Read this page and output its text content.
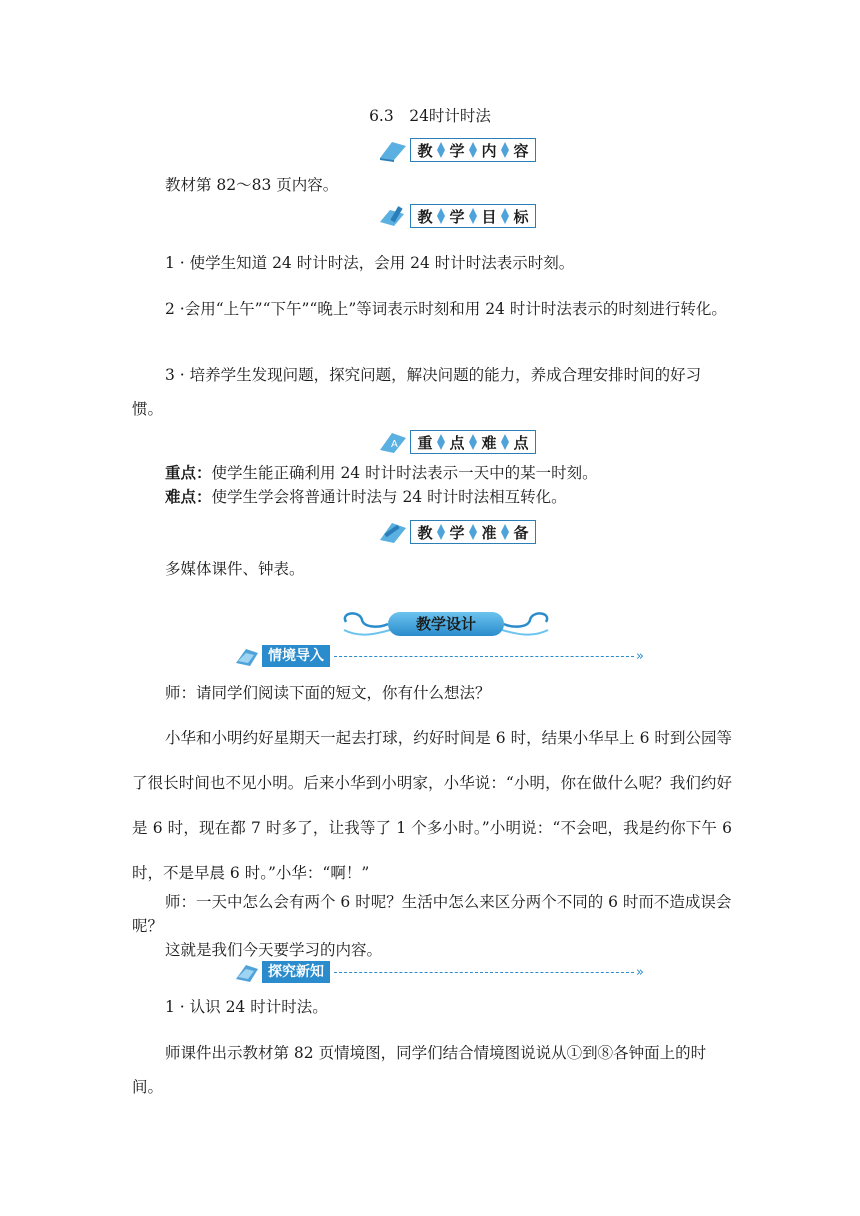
6.3　24时计时法
教 学 内 容
教材第 82～83 页内容。
教 学 目 标
1 · 使学生知道 24 时计时法，会用 24 时计时法表示时刻。
2 ·会用“上午”“下午”“晚上”等词表示时刻和用 24 时计时法表示的时刻进行转化。
3 · 培养学生发现问题，探究问题，解决问题的能力，养成合理安排时间的好习惯。
A 重 点 难 点
重点：使学生能正确利用 24 时计时法表示一天中的某一时刻。
难点：使学生学会将普通计时法与 24 时计时法相互转化。
教 学 准 备
多媒体课件、钟表。
教学设计
情境导入	»
师：请同学们阅读下面的短文，你有什么想法？
小华和小明约好星期天一起去打球，约好时间是 6 时，结果小华早上 6 时到公园等了很长时间也不见小明。后来小华到小明家，小华说：“小明，你在做什么呢？我们约好是 6 时，现在都 7 时多了，让我等了 1 个多小时。”小明说：“不会吧，我是约你下午 6 时，不是早晨 6 时。”小华：“啊！”
师：一天中怎么会有两个 6 时呢？生活中怎么来区分两个不同的 6 时而不造成误会呢？
这就是我们今天要学习的内容。
探究新知	»
1 · 认识 24 时计时法。
师课件出示教材第 82 页情境图，同学们结合情境图说说从①到⑧各钟面上的时间。
